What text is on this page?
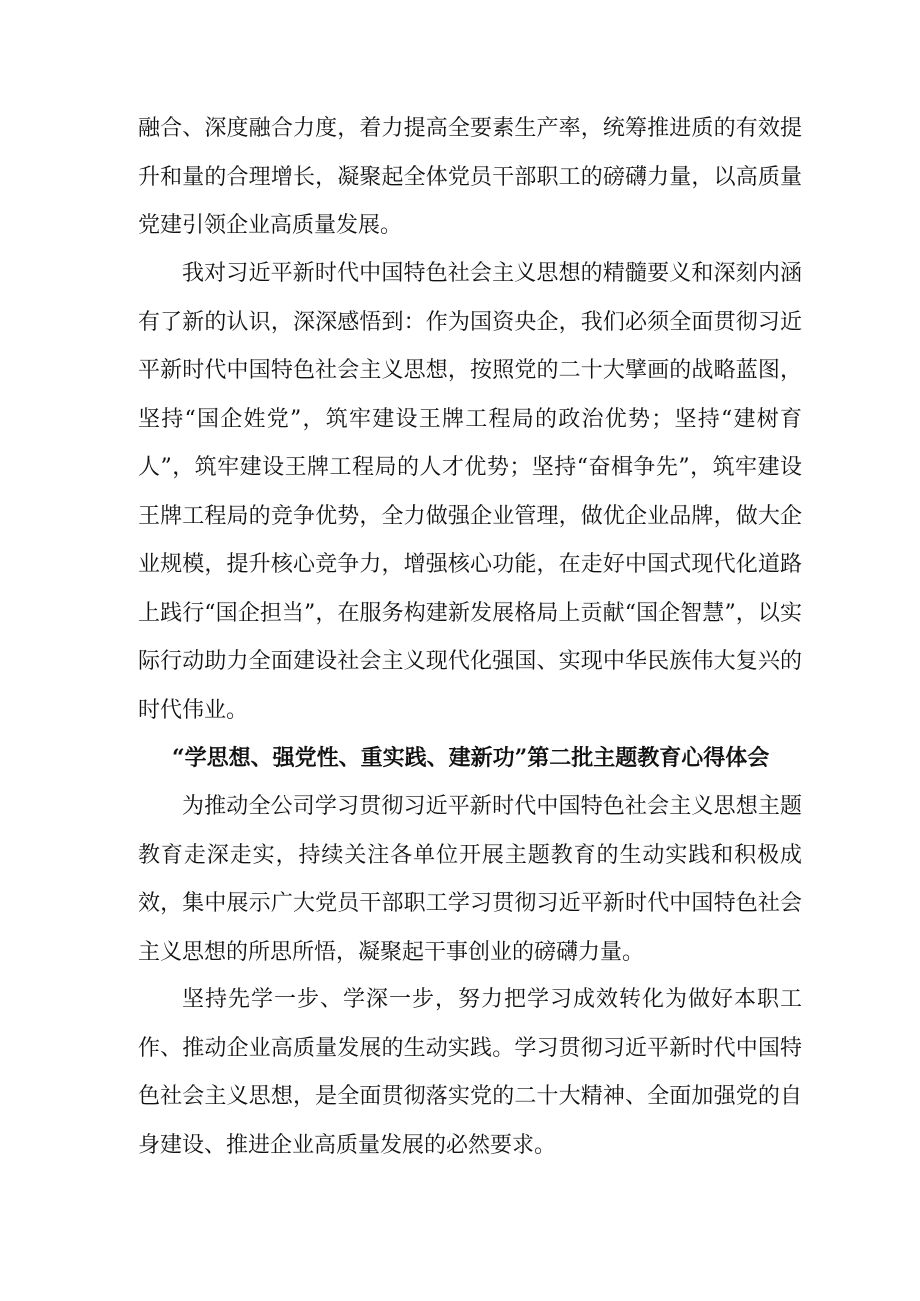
融合、深度融合力度，着力提高全要素生产率，统筹推进质的有效提升和量的合理增长，凝聚起全体党员干部职工的磅礴力量，以高质量党建引领企业高质量发展。

我对习近平新时代中国特色社会主义思想的精髓要义和深刻内涵有了新的认识，深深感悟到：作为国资央企，我们必须全面贯彻习近平新时代中国特色社会主义思想，按照党的二十大擘画的战略蓝图，坚持“国企姓党”，筑牢建设王牌工程局的政治优势；坚持“建树育人”，筑牢建设王牌工程局的人才优势；坚持“奋楫争先”，筑牢建设王牌工程局的竞争优势，全力做强企业管理，做优企业品牌，做大企业规模，提升核心竞争力，增强核心功能，在走好中国式现代化道路上践行“国企担当”，在服务构建新发展格局上贡献“国企智慧”，以实际行动助力全面建设社会主义现代化强国、实现中华民族伟大复兴的时代伟业。

“学思想、强党性、重实践、建新功”第二批主题教育心得体会

为推动全公司学习贯彻习近平新时代中国特色社会主义思想主题教育走深走实，持续关注各单位开展主题教育的生动实践和积极成效，集中展示广大党员干部职工学习贯彻习近平新时代中国特色社会主义思想的所思所悟，凝聚起干事创业的磅礴力量。

坚持先学一步、学深一步，努力把学习成效转化为做好本职工作、推动企业高质量发展的生动实践。学习贯彻习近平新时代中国特色社会主义思想，是全面贯彻落实党的二十大精神、全面加强党的自身建设、推进企业高质量发展的必然要求。
